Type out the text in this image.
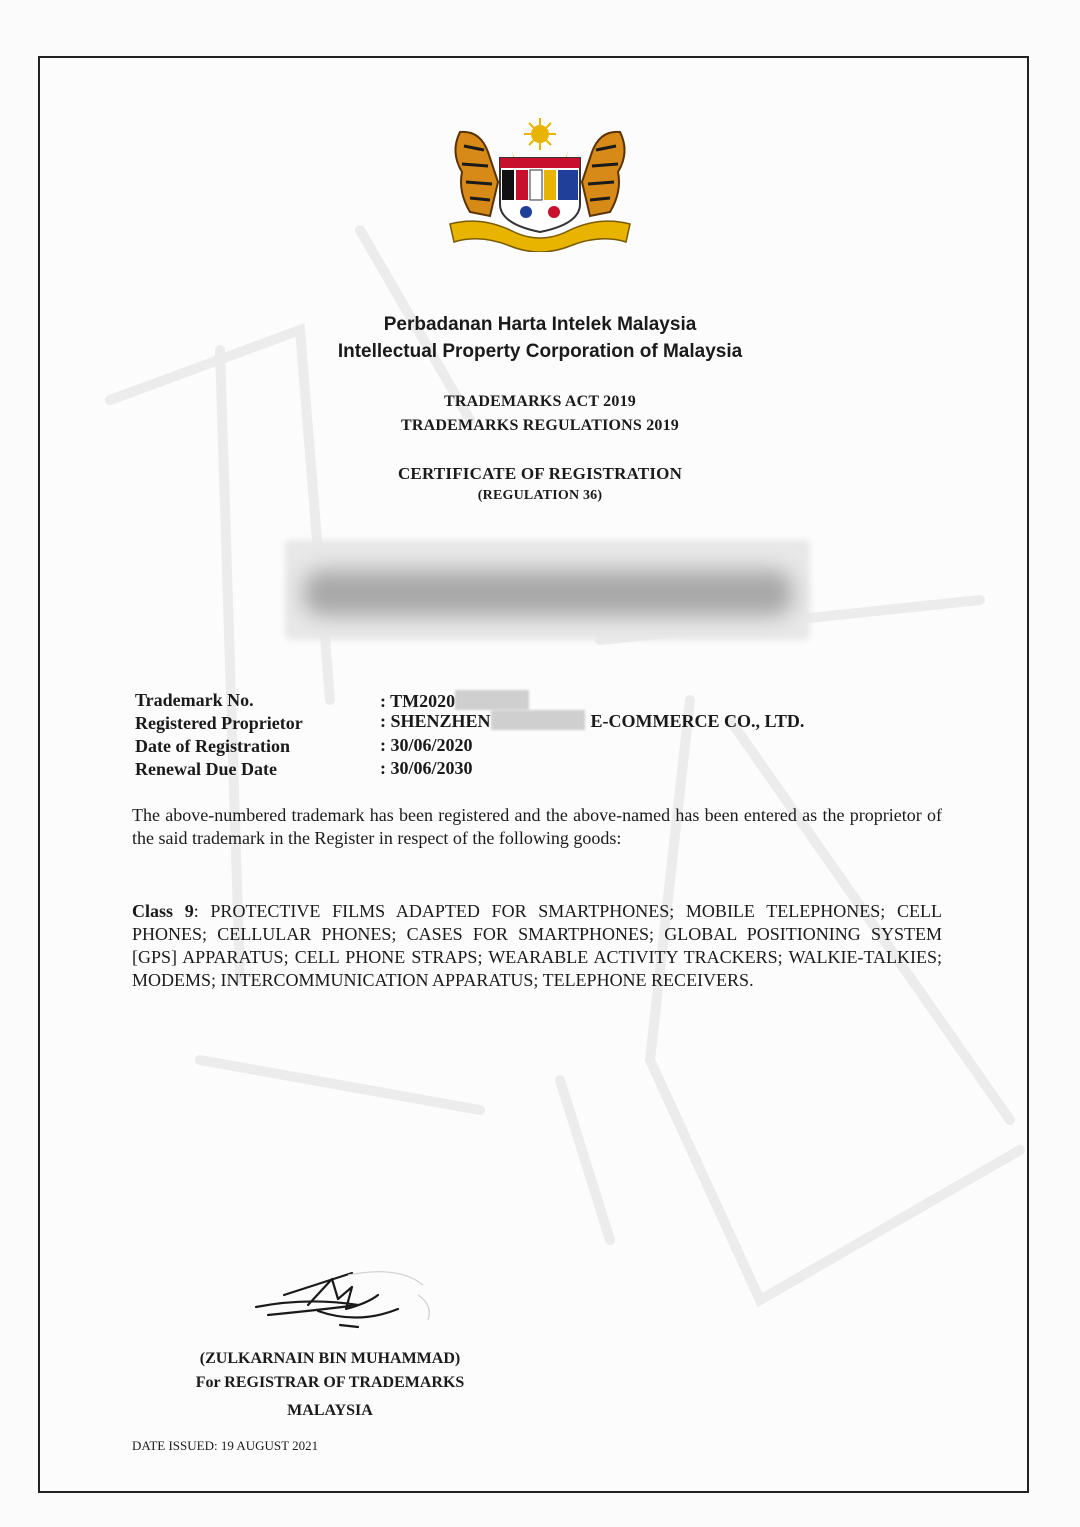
Perbadanan Harta Intelek Malaysia
Intellectual Property Corporation of Malaysia
TRADEMARKS ACT 2019
TRADEMARKS REGULATIONS 2019
CERTIFICATE OF REGISTRATION
(REGULATION 36)
Trademark No.	: TM2020
Registered Proprietor	: SHENZHEN	E-COMMERCE CO., LTD.
Date of Registration	: 30/06/2020
Renewal Due Date	: 30/06/2030
The above-numbered trademark has been registered and the above-named has been entered as the proprietor of the said trademark in the Register in respect of the following goods:
Class 9: PROTECTIVE FILMS ADAPTED FOR SMARTPHONES; MOBILE TELEPHONES; CELL PHONES; CELLULAR PHONES; CASES FOR SMARTPHONES; GLOBAL POSITIONING SYSTEM [GPS] APPARATUS; CELL PHONE STRAPS; WEARABLE ACTIVITY TRACKERS; WALKIE-TALKIES; MODEMS; INTERCOMMUNICATION APPARATUS; TELEPHONE RECEIVERS.
(ZULKARNAIN BIN MUHAMMAD)
For REGISTRAR OF TRADEMARKS
MALAYSIA
DATE ISSUED: 19 AUGUST 2021
